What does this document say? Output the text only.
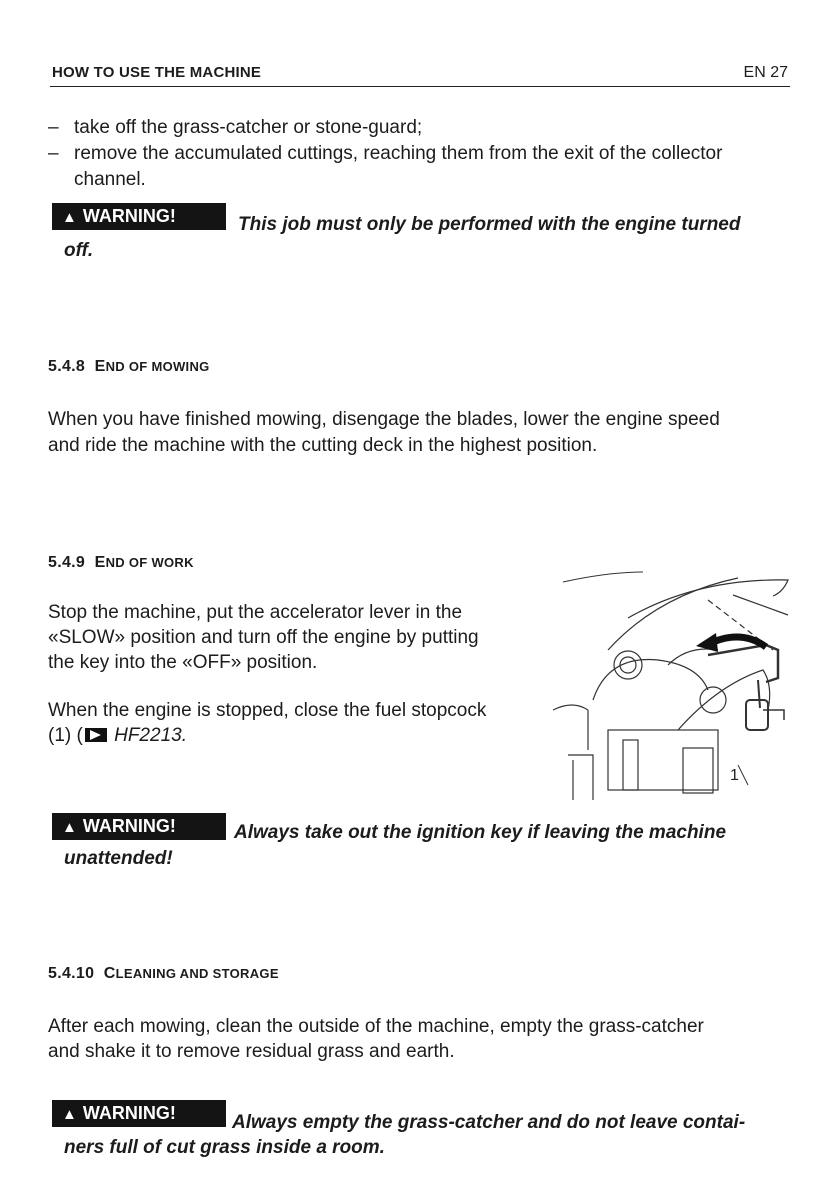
HOW TO USE THE MACHINE	EN 27
– take off the grass-catcher or stone-guard;
– remove the accumulated cuttings, reaching them from the exit of the collector
channel.
▲ WARNING!	This job must only be performed with the engine turned
off.
5.4.8 END OF MOWING
When you have finished mowing, disengage the blades, lower the engine speed
and ride the machine with the cutting deck in the highest position.
5.4.9 END OF WORK
Stop the machine, put the accelerator lever in the
«SLOW» position and turn off the engine by putting
the key into the «OFF» position.
When the engine is stopped, close the fuel stopcock
(1) ( HF2213.
1
▲ WARNING!	Always take out the ignition key if leaving the machine
unattended!
5.4.10 CLEANING AND STORAGE
After each mowing, clean the outside of the machine, empty the grass-catcher
and shake it to remove residual grass and earth.
▲ WARNING!	Always empty the grass-catcher and do not leave contai-
ners full of cut grass inside a room.
